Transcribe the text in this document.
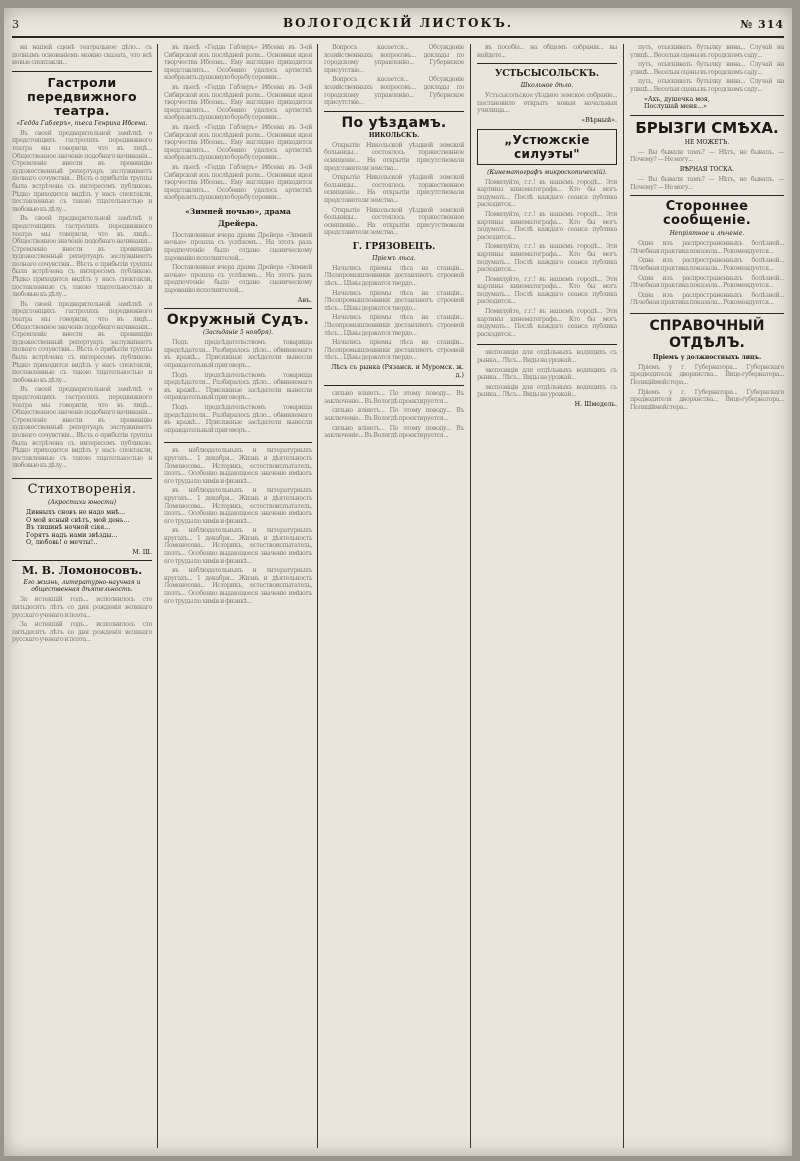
3	ВОЛОГОДСКІЙ ЛИСТОКЪ.	№ 314

на нашей сценѣ театральное дѣло... съ полнымъ основаніемъ можно сказать, что всѣ новые спектакли...

Гастроли передвижного театра.
«Гедда Габлеръ», пьеса Генриха Ибсена.

Въ своей предварительной замѣткѣ о предстоящихъ гастроляхъ передвижного театра мы говорили, что въ лицѣ... Общественное значеніе подобнаго начинанія... Стремленіе внести въ провинцію художественный репертуаръ заслуживаетъ полнаго сочувствія... Вѣсть о прибытіи труппы была встрѣчена съ интересомъ публикою. Рѣдко приходится видѣть у насъ спектакли, поставленные съ такою тщательностью и любовью къ дѣлу...

Въ своей предварительной замѣткѣ о предстоящихъ гастроляхъ передвижного театра мы говорили, что въ лицѣ... Общественное значеніе подобнаго начинанія... Стремленіе внести въ провинцію художественный репертуаръ заслуживаетъ полнаго сочувствія... Вѣсть о прибытіи труппы была встрѣчена съ интересомъ публикою. Рѣдко приходится видѣть у насъ спектакли, поставленные съ такою тщательностью и любовью къ дѣлу...

Въ своей предварительной замѣткѣ о предстоящихъ гастроляхъ передвижного театра мы говорили, что въ лицѣ... Общественное значеніе подобнаго начинанія... Стремленіе внести въ провинцію художественный репертуаръ заслуживаетъ полнаго сочувствія... Вѣсть о прибытіи труппы была встрѣчена съ интересомъ публикою. Рѣдко приходится видѣть у насъ спектакли, поставленные съ такою тщательностью и любовью къ дѣлу...

Въ своей предварительной замѣткѣ о предстоящихъ гастроляхъ передвижного театра мы говорили, что въ лицѣ... Общественное значеніе подобнаго начинанія... Стремленіе внести въ провинцію художественный репертуаръ заслуживаетъ полнаго сочувствія... Вѣсть о прибытіи труппы была встрѣчена съ интересомъ публикою. Рѣдко приходится видѣть у насъ спектакли, поставленные съ такою тщательностью и любовью къ дѣлу...

Стихотворенія.
(Акростихи юности)
Дивныхъ сновъ не надо мнѣ...
О мой ясный свѣтъ, мой день...
Въ тишинѣ ночной сіяя...
Горятъ надъ нами звѣзды...
О, любовь! о мечты!..
М. Ш.
М. В. Ломоносовъ.
Его жизнь, литературно-научная и общественная дѣятельность.

За истекшій годъ... исполнилось сто пятьдесятъ лѣтъ со дня рожденія великаго русскаго ученаго и поэта...

За истекшій годъ... исполнилось сто пятьдесятъ лѣтъ со дня рожденія великаго русскаго ученаго и поэта...

въ пьесѣ «Гедда Габлеръ» Ибсена въ 3-ей Сибирской изъ послѣдней роли... Основная идея творчества Ибсена... Ему наглядно приходится представлять... Особенно удалось артисткѣ изобразить душевную борьбу героини...

въ пьесѣ «Гедда Габлеръ» Ибсена въ 3-ей Сибирской изъ послѣдней роли... Основная идея творчества Ибсена... Ему наглядно приходится представлять... Особенно удалось артисткѣ изобразить душевную борьбу героини...

въ пьесѣ «Гедда Габлеръ» Ибсена въ 3-ей Сибирской изъ послѣдней роли... Основная идея творчества Ибсена... Ему наглядно приходится представлять... Особенно удалось артисткѣ изобразить душевную борьбу героини...

въ пьесѣ «Гедда Габлеръ» Ибсена въ 3-ей Сибирской изъ послѣдней роли... Основная идея творчества Ибсена... Ему наглядно приходится представлять... Особенно удалось артисткѣ изобразить душевную борьбу героини...

«Зимней ночью», драма Дрейера.

Поставленная вчера драма Дрейера «Зимней ночью» прошла съ успѣхомъ... На этотъ разъ предпочтеніе было отдано сценическому дарованію исполнителей...

Поставленная вчера драма Дрейера «Зимней ночью» прошла съ успѣхомъ... На этотъ разъ предпочтеніе было отдано сценическому дарованію исполнителей...

Авъ.
Окружный Судъ.
(Засѣданіе 5 ноября).

Подъ предсѣдательствомъ товарища предсѣдателя... Разбиралось дѣло... обвиняемаго въ кражѣ... Присяжные засѣдатели вынесли оправдательный приговоръ...

Подъ предсѣдательствомъ товарища предсѣдателя... Разбиралось дѣло... обвиняемаго въ кражѣ... Присяжные засѣдатели вынесли оправдательный приговоръ...

Подъ предсѣдательствомъ товарища предсѣдателя... Разбиралось дѣло... обвиняемаго въ кражѣ... Присяжные засѣдатели вынесли оправдательный приговоръ...

въ наблюдательныхъ и литературныхъ кругахъ... 1 декабря... Жизнь и дѣятельность Ломоносова... Историкъ, естествоиспытатель, поэтъ... Особенно выдающееся значеніе имѣютъ его труды по химіи и физикѣ...

въ наблюдательныхъ и литературныхъ кругахъ... 1 декабря... Жизнь и дѣятельность Ломоносова... Историкъ, естествоиспытатель, поэтъ... Особенно выдающееся значеніе имѣютъ его труды по химіи и физикѣ...

въ наблюдательныхъ и литературныхъ кругахъ... 1 декабря... Жизнь и дѣятельность Ломоносова... Историкъ, естествоиспытатель, поэтъ... Особенно выдающееся значеніе имѣютъ его труды по химіи и физикѣ...

въ наблюдательныхъ и литературныхъ кругахъ... 1 декабря... Жизнь и дѣятельность Ломоносова... Историкъ, естествоиспытатель, поэтъ... Особенно выдающееся значеніе имѣютъ его труды по химіи и физикѣ...

Вопросъ касается... Обсужденіе хозяйственныхъ вопросовъ... доклады по городскому управленію... Губернское присутствіе...

Вопросъ касается... Обсужденіе хозяйственныхъ вопросовъ... доклады по городскому управленію... Губернское присутствіе...

По уѣздамъ.
НИКОЛЬСКЪ.

Открытіе Никольской уѣздной земской больницы... состоялось торжественное освященіе... На открытіи присутствовали представители земства...

Открытіе Никольской уѣздной земской больницы... состоялось торжественное освященіе... На открытіи присутствовали представители земства...

Открытіе Никольской уѣздной земской больницы... состоялось торжественное освященіе... На открытіи присутствовали представители земства...

Г. ГРЯЗОВЕЦЪ.
Пріемъ лѣса.

Начались пріемы лѣса на станціи... Лѣсопромышленники доставляютъ строевой лѣсъ... Цѣны держатся твердо...

Начались пріемы лѣса на станціи... Лѣсопромышленники доставляютъ строевой лѣсъ... Цѣны держатся твердо...

Начались пріемы лѣса на станціи... Лѣсопромышленники доставляютъ строевой лѣсъ... Цѣны держатся твердо...

Начались пріемы лѣса на станціи... Лѣсопромышленники доставляютъ строевой лѣсъ... Цѣны держатся твердо...

Лѣсъ съ рынка (Рязанск. и Муромск. ж. д.)

сильно вліяетъ... По этому поводу... Въ заключеніе... Въ Вологдѣ проектируется...

сильно вліяетъ... По этому поводу... Въ заключеніе... Въ Вологдѣ проектируется...

сильно вліяетъ... По этому поводу... Въ заключеніе... Въ Вологдѣ проектируется...

въ пособіе... на общемъ собраніи... вы найдете...

УСТЬСЫСОЛЬСКЪ.
Школьное дѣло.

Устьсысольское уѣздное земское собраніе... постановило открыть новыя начальныя училища...

«Вѣрный».
„Устюжскіе силуэты"
(Кинематографъ микроскопическій).

Помилуйте, г.г.! въ нашемъ городѣ... Эти картины кинематографа... Кто бы могъ подумать... Послѣ каждаго сеанса публика расходится...

Помилуйте, г.г.! въ нашемъ городѣ... Эти картины кинематографа... Кто бы могъ подумать... Послѣ каждаго сеанса публика расходится...

Помилуйте, г.г.! въ нашемъ городѣ... Эти картины кинематографа... Кто бы могъ подумать... Послѣ каждаго сеанса публика расходится...

Помилуйте, г.г.! въ нашемъ городѣ... Эти картины кинематографа... Кто бы могъ подумать... Послѣ каждаго сеанса публика расходится...

Помилуйте, г.г.! въ нашемъ городѣ... Эти картины кинематографа... Кто бы могъ подумать... Послѣ каждаго сеанса публика расходится...

экспозиціи для отдѣльныхъ водящихъ съ рынка... Лѣсъ... Виды на урожай...

экспозиціи для отдѣльныхъ водящихъ съ рынка... Лѣсъ... Виды на урожай...

экспозиціи для отдѣльныхъ водящихъ съ рынка... Лѣсъ... Виды на урожай...

Н. Шмедель.

путь, отыскивать бутылку вина... Случай на улицѣ... Веселыя сцены въ городскомъ саду...

путь, отыскивать бутылку вина... Случай на улицѣ... Веселыя сцены въ городскомъ саду...

путь, отыскивать бутылку вина... Случай на улицѣ... Веселыя сцены въ городскомъ саду...

«Ахъ, душечка моя,
Послушай меня...»
БРЫЗГИ СМѢХА.
НЕ МОЖЕТЪ.

— Вы бывали тамъ? — Нѣтъ, не бывалъ. — Почему? — Не могу...

ВѢРНАЯ ТОСКА.

— Вы бывали тамъ? — Нѣтъ, не бывалъ. — Почему? — Не могу...

Стороннее сообщеніе.
Непріятное и лѣченіе.

Одна изъ распространенныхъ болѣзней... Лѣчебная практика показала... Рекомендуется...

Одна изъ распространенныхъ болѣзней... Лѣчебная практика показала... Рекомендуется...

Одна изъ распространенныхъ болѣзней... Лѣчебная практика показала... Рекомендуется...

Одна изъ распространенныхъ болѣзней... Лѣчебная практика показала... Рекомендуется...

СПРАВОЧНЫЙ ОТДѢЛЪ.
Пріемъ у должностныхъ лицъ.

Пріемъ у г. Губернатора... Губернскаго предводителя дворянства... Вице-губернатора... Полиціймейстера...

Пріемъ у г. Губернатора... Губернскаго предводителя дворянства... Вице-губернатора... Полиціймейстера...
